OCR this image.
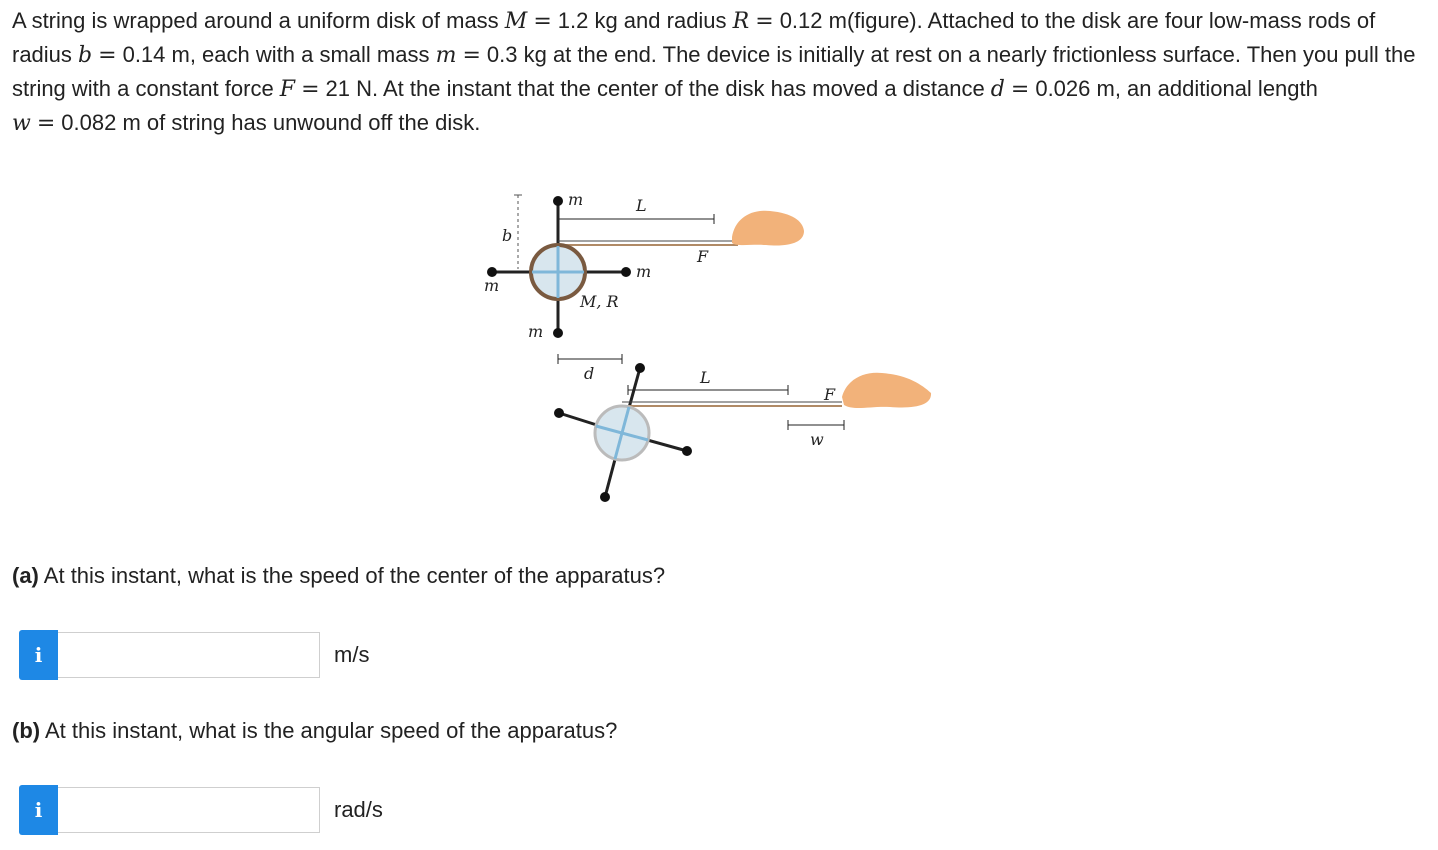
A string is wrapped around a uniform disk of mass M = 1.2 kg and radius R = 0.12 m(figure). Attached to the disk are four low-mass rods of radius b = 0.14 m, each with a small mass m = 0.3 kg at the end. The device is initially at rest on a nearly frictionless surface. Then you pull the string with a constant force F = 21 N. At the instant that the center of the disk has moved a distance d = 0.026 m, an additional length w = 0.082 m of string has unwound off the disk.

m	L
b
F
m
m
M, R
m
d	L
F
w

(a) At this instant, what is the speed of the center of the apparatus?

i	m/s

(b) At this instant, what is the angular speed of the apparatus?

i	rad/s
